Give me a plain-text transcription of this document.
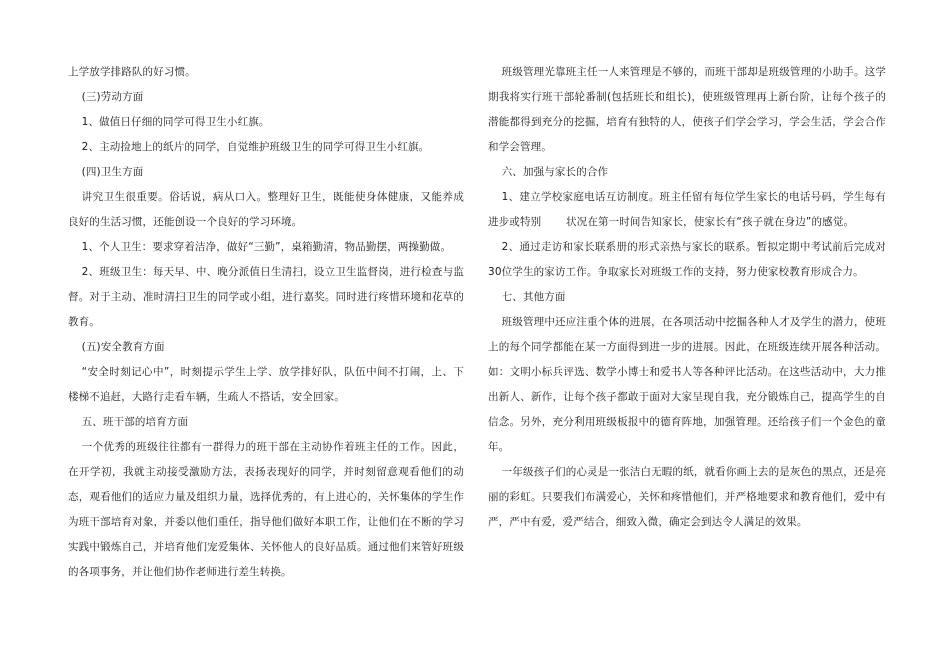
上学放学排路队的好习惯。

(三)劳动方面

1、做值日仔细的同学可得卫生小红旗。

2、主动捡地上的纸片的同学，自觉维护班级卫生的同学可得卫生小红旗。

(四)卫生方面

讲究卫生很重要。俗话说，病从口入。整理好卫生，既能使身体健康，又能养成良好的生活习惯，还能创设一个良好的学习环境。

1、个人卫生：要求穿着洁净，做好“三勤”，桌箱勤清，物品勤摆，两操勤做。

2、班级卫生：每天早、中、晚分派值日生清扫，设立卫生监督岗，进行检查与监督。对于主动、准时清扫卫生的同学或小组，进行嘉奖。同时进行疼惜环境和花草的教育。

(五)安全教育方面

“安全时刻记心中”，时刻提示学生上学、放学排好队，队伍中间不打闹，上、下楼梯不追赶，大路行走看车辆，生疏人不搭话，安全回家。

五、班干部的培育方面

一个优秀的班级往往都有一群得力的班干部在主动协作着班主任的工作。因此，在开学初，我就主动接受激励方法，表扬表现好的同学，并时刻留意观看他们的动态，观看他们的适应力量及组织力量，选择优秀的，有上进心的，关怀集体的学生作为班干部培育对象，并委以他们重任，指导他们做好本职工作，让他们在不断的学习实践中锻炼自己，并培育他们宠爱集体、关怀他人的良好品质。通过他们来管好班级的各项事务，并让他们协作老师进行差生转换。

班级管理光靠班主任一人来管理是不够的，而班干部却是班级管理的小助手。这学期我将实行班干部轮番制(包括班长和组长)，使班级管理再上新台阶，让每个孩子的潜能都得到充分的挖掘，培育有独特的人，使孩子们学会学习，学会生活，学会合作和学会管理。

六、加强与家长的合作

1、建立学校家庭电话互访制度。班主任留有每位学生家长的电话号码，学生每有进步或特别　　 状况在第一时间告知家长，使家长有“孩子就在身边”的感觉。

2、通过走访和家长联系册的形式亲热与家长的联系。暂拟定期中考试前后完成对30位学生的家访工作。争取家长对班级工作的支持，努力使家校教育形成合力。

七、其他方面

班级管理中还应注重个体的进展，在各项活动中挖掘各种人才及学生的潜力，使班上的每个同学都能在某一方面得到进一步的进展。因此，在班级连续开展各种活动。如：文明小标兵评选、数学小博士和爱书人等各种评比活动。在这些活动中，大力推出新人、新作，让每个孩子都敢于面对大家呈现自我，充分锻炼自己，提高学生的自信念。另外，充分利用班级板报中的德育阵地，加强管理。还给孩子们一个金色的童年。

一年级孩子们的心灵是一张洁白无暇的纸，就看你画上去的是灰色的黑点，还是亮丽的彩虹。只要我们布满爱心，关怀和疼惜他们，并严格地要求和教育他们，爱中有严，严中有爱，爱严结合，细致入微，确定会到达令人满足的效果。
